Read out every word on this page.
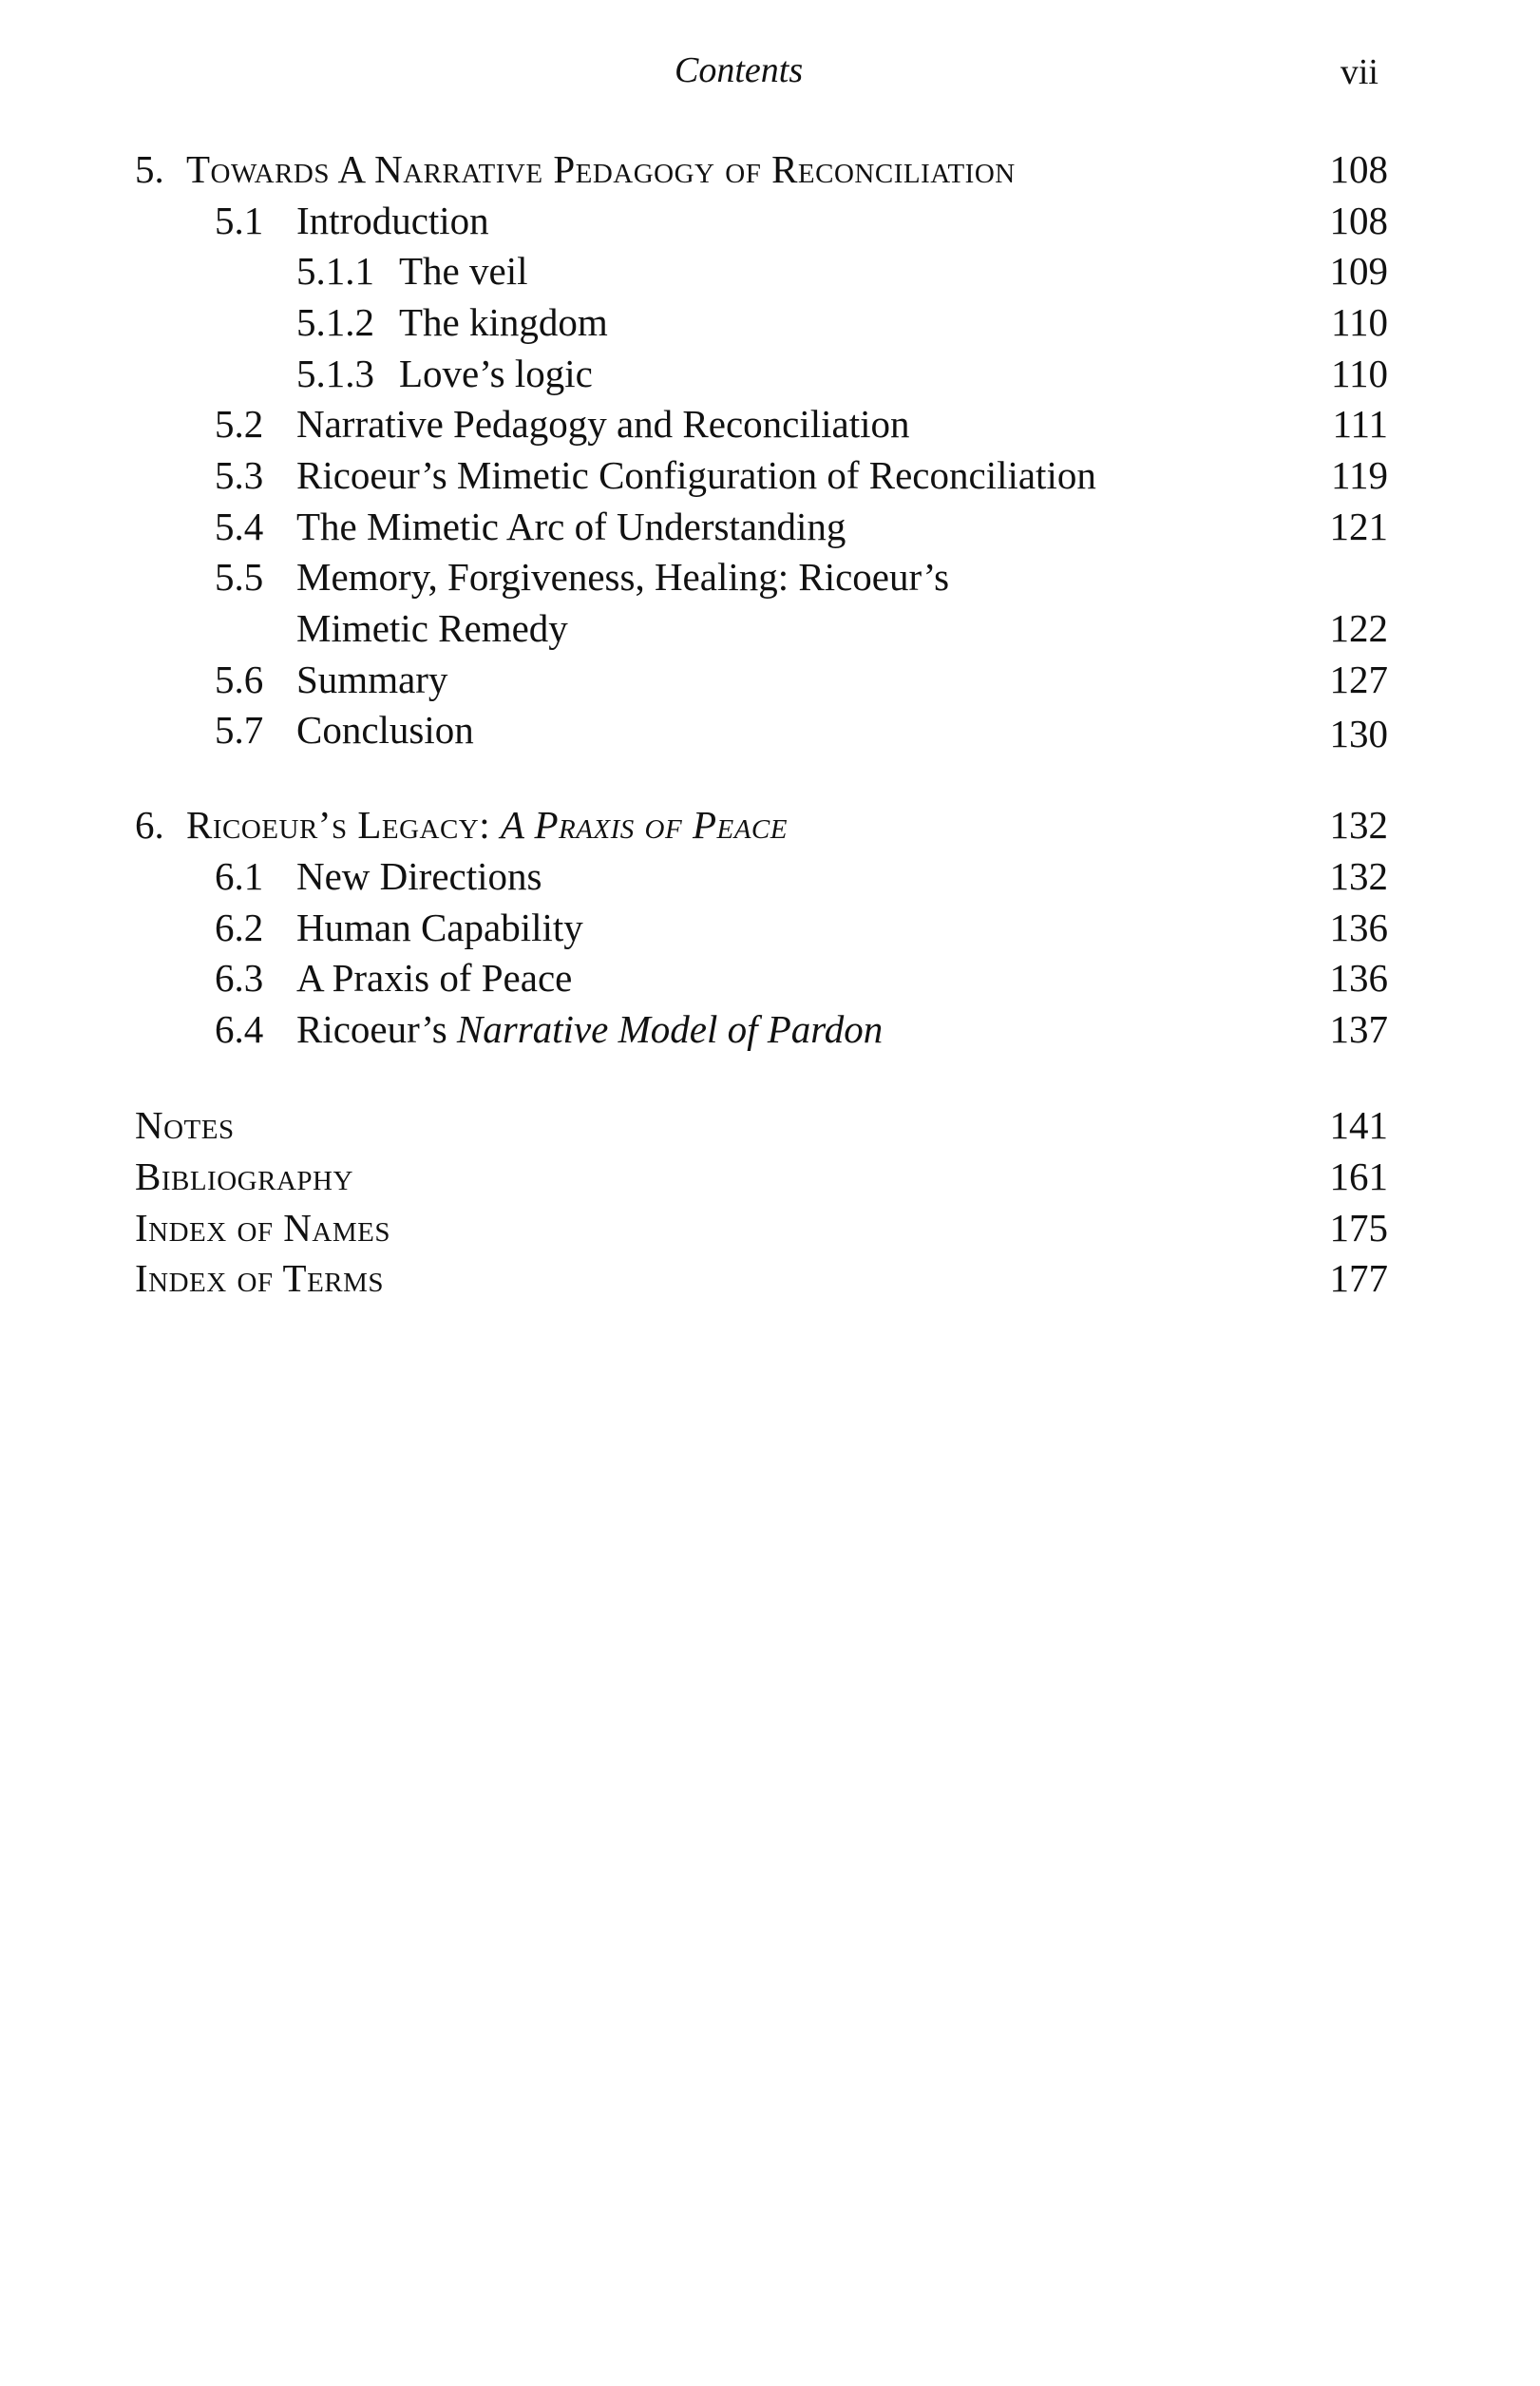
Contents	vii
5. Towards A Narrative Pedagogy of Reconciliation	108
5.1 Introduction	108
5.1.1 The veil	109
5.1.2 The kingdom	110
5.1.3 Love’s logic	110
5.2 Narrative Pedagogy and Reconciliation	111
5.3 Ricoeur’s Mimetic Configuration of Reconciliation	119
5.4 The Mimetic Arc of Understanding	121
5.5 Memory, Forgiveness, Healing: Ricoeur’s
Mimetic Remedy	122
5.6 Summary	127
5.7 Conclusion	130
6. Ricoeur’s Legacy: A Praxis of Peace	132
6.1 New Directions	132
6.2 Human Capability	136
6.3 A Praxis of Peace	136
6.4 Ricoeur’s Narrative Model of Pardon	137
Notes	141
Bibliography	161
Index of Names	175
Index of Terms	177
